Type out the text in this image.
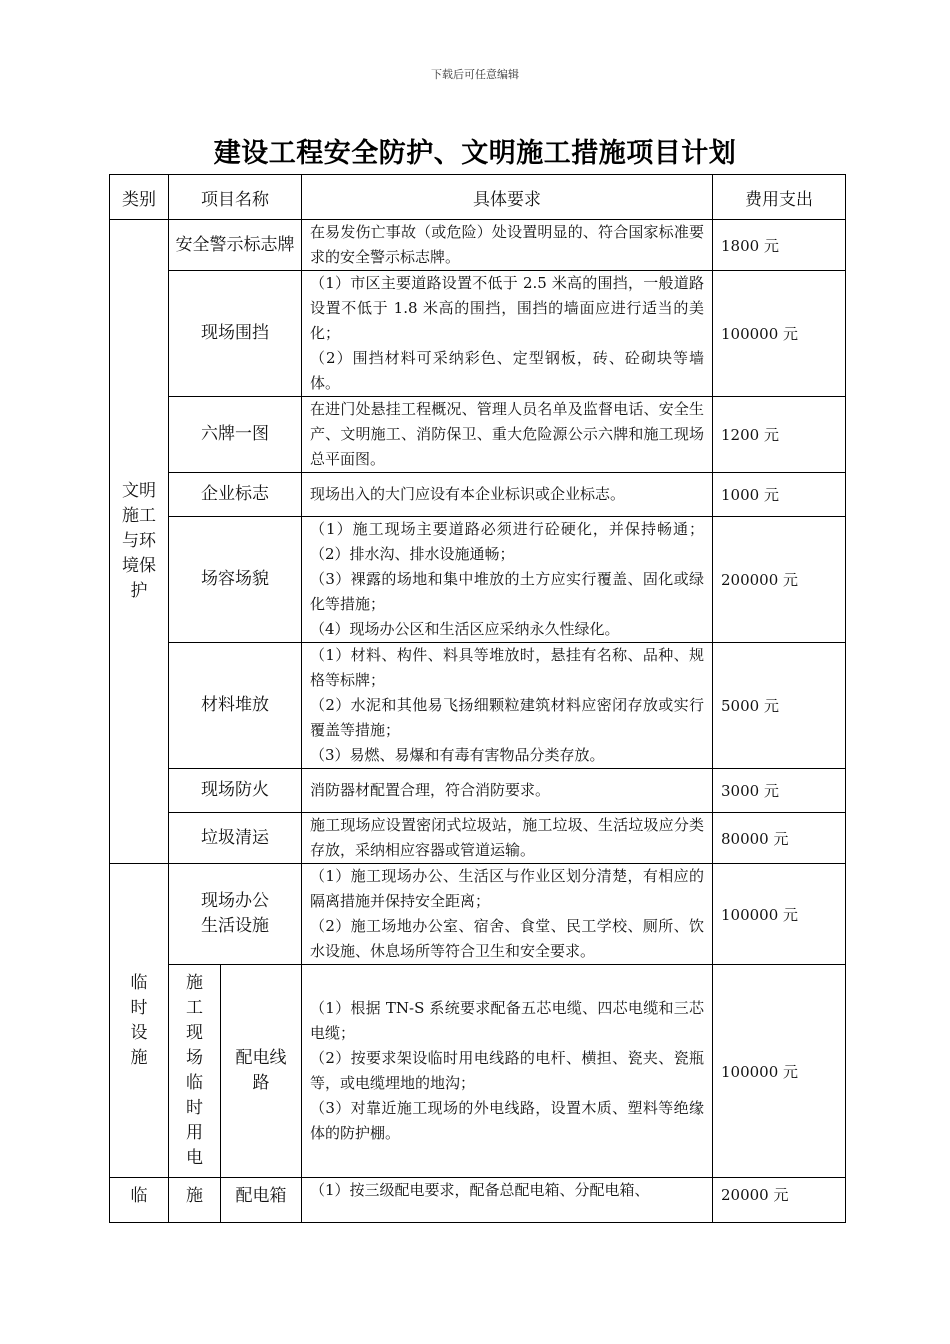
下载后可任意编辑
建设工程安全防护、文明施工措施项目计划
类别	项目名称		具体要求	费用支出

文明施工与环境保护	安全警示标志牌		在易发伤亡事故（或危险）处设置明显的、符合国家标准要求的安全警示标志牌。	1800 元
	现场围挡		（1）市区主要道路设置不低于 2.5 米高的围挡，一般道路设置不低于 1.8 米高的围挡，围挡的墙面应进行适当的美化；
（2）围挡材料可采纳彩色、定型钢板，砖、砼砌块等墙体。	100000 元
	六牌一图		在进门处悬挂工程概况、管理人员名单及监督电话、安全生产、文明施工、消防保卫、重大危险源公示六牌和施工现场总平面图。	1200 元
	企业标志		现场出入的大门应设有本企业标识或企业标志。	1000 元
	场容场貌		（1）施工现场主要道路必须进行砼硬化，并保持畅通；（2）排水沟、排水设施通畅；
（3）裸露的场地和集中堆放的土方应实行覆盖、固化或绿化等措施；
（4）现场办公区和生活区应采纳永久性绿化。	200000 元
	材料堆放		（1）材料、构件、料具等堆放时，悬挂有名称、品种、规格等标牌；
（2）水泥和其他易飞扬细颗粒建筑材料应密闭存放或实行覆盖等措施；
（3）易燃、易爆和有毒有害物品分类存放。	5000 元
	现场防火		消防器材配置合理，符合消防要求。	3000 元
	垃圾清运		施工现场应设置密闭式垃圾站，施工垃圾、生活垃圾应分类存放，采纳相应容器或管道运输。	80000 元

临时设施	现场办公生活设施		（1）施工现场办公、生活区与作业区划分清楚，有相应的隔离措施并保持安全距离；
（2）施工场地办公室、宿舍、食堂、民工学校、厕所、饮水设施、休息场所等符合卫生和安全要求。	100000 元

	施工现场临时用电	配电线路	（1）根据 TN-S 系统要求配备五芯电缆、四芯电缆和三芯电缆；
（2）按要求架设临时用电线路的电杆、横担、瓷夹、瓷瓶等，或电缆埋地的地沟；
（3）对靠近施工现场的外电线路，设置木质、塑料等绝缘体的防护棚。	100000 元
临	施	配电箱	（1）按三级配电要求，配备总配电箱、分配电箱、	20000 元
